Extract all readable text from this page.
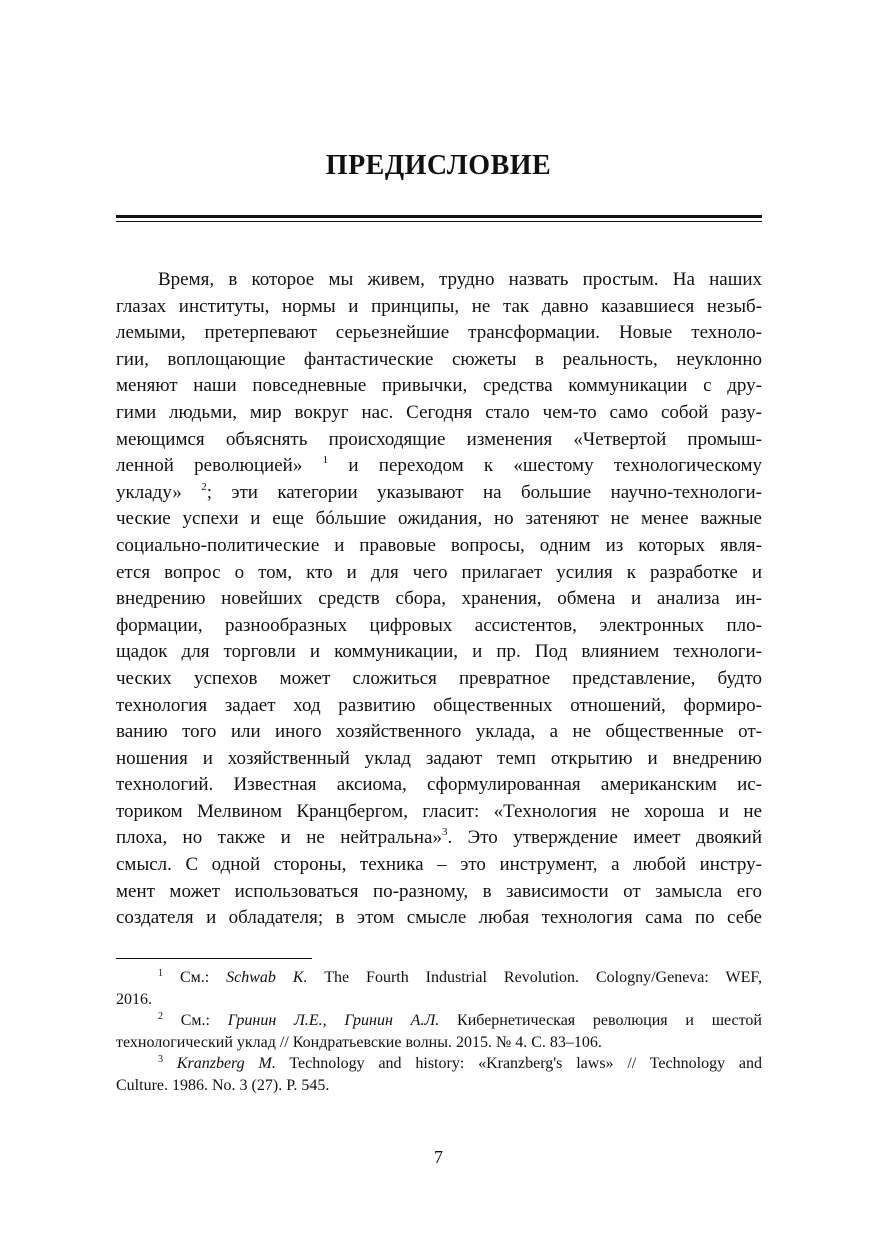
ПРЕДИСЛОВИЕ
Время, в которое мы живем, трудно назвать простым. На наших
глазах институты, нормы и принципы, не так давно казавшиеся незыб-
лемыми, претерпевают серьезнейшие трансформации. Новые техноло-
гии, воплощающие фантастические сюжеты в реальность, неуклонно
меняют наши повседневные привычки, средства коммуникации с дру-
гими людьми, мир вокруг нас. Сегодня стало чем-то само собой разу-
меющимся объяснять происходящие изменения «Четвертой промыш-
ленной революцией» $^1$ и переходом к «шестому технологическому
укладу» $^2$; эти категории указывают на большие научно-технологи-
ческие успехи и еще бóльшие ожидания, но затеняют не менее важные
социально-политические и правовые вопросы, одним из которых явля-
ется вопрос о том, кто и для чего прилагает усилия к разработке и
внедрению новейших средств сбора, хранения, обмена и анализа ин-
формации, разнообразных цифровых ассистентов, электронных пло-
щадок для торговли и коммуникации, и пр. Под влиянием технологи-
ческих успехов может сложиться превратное представление, будто
технология задает ход развитию общественных отношений, формиро-
ванию того или иного хозяйственного уклада, а не общественные от-
ношения и хозяйственный уклад задают темп открытию и внедрению
технологий. Известная аксиома, сформулированная американским ис-
ториком Мелвином Кранцбергом, гласит: «Технология не хороша и не
плоха, но также и не нейтральна»$^3$. Это утверждение имеет двоякий
смысл. С одной стороны, техника – это инструмент, а любой инстру-
мент может использоваться по-разному, в зависимости от замысла его
создателя и обладателя; в этом смысле любая технология сама по себе
$^1$ См.: Schwab K. The Fourth Industrial Revolution. Cologny/Geneva: WEF,
2016.
$^2$ См.: Гринин Л.Е., Гринин А.Л. Кибернетическая революция и шестой
технологический уклад // Кондратьевские волны. 2015. № 4. С. 83–106.
$^3$ Kranzberg M. Technology and history: «Kranzberg's laws» // Technology and
Culture. 1986. No. 3 (27). P. 545.
7
